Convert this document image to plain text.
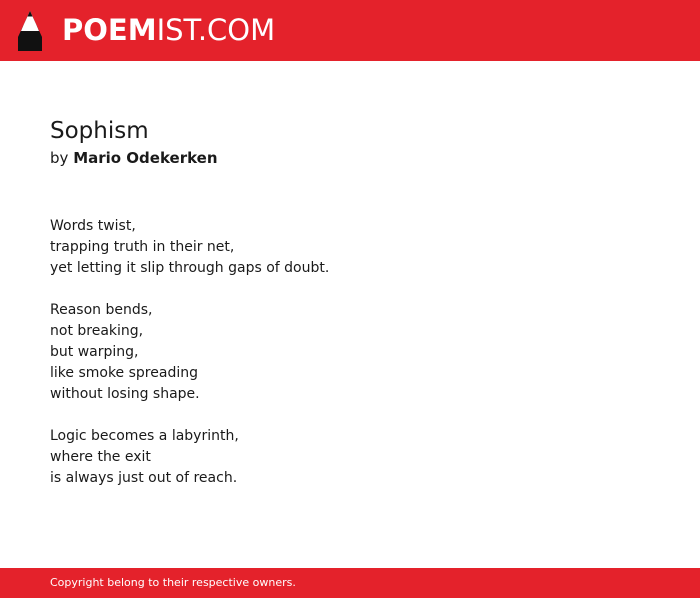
POEM IST.COM
Sophism
by Mario Odekerken
Words twist,
trapping truth in their net,
yet letting it slip through gaps of doubt.
Reason bends,
not breaking,
but warping,
like smoke spreading
without losing shape.
Logic becomes a labyrinth,
where the exit
is always just out of reach.
Copyright belong to their respective owners.
